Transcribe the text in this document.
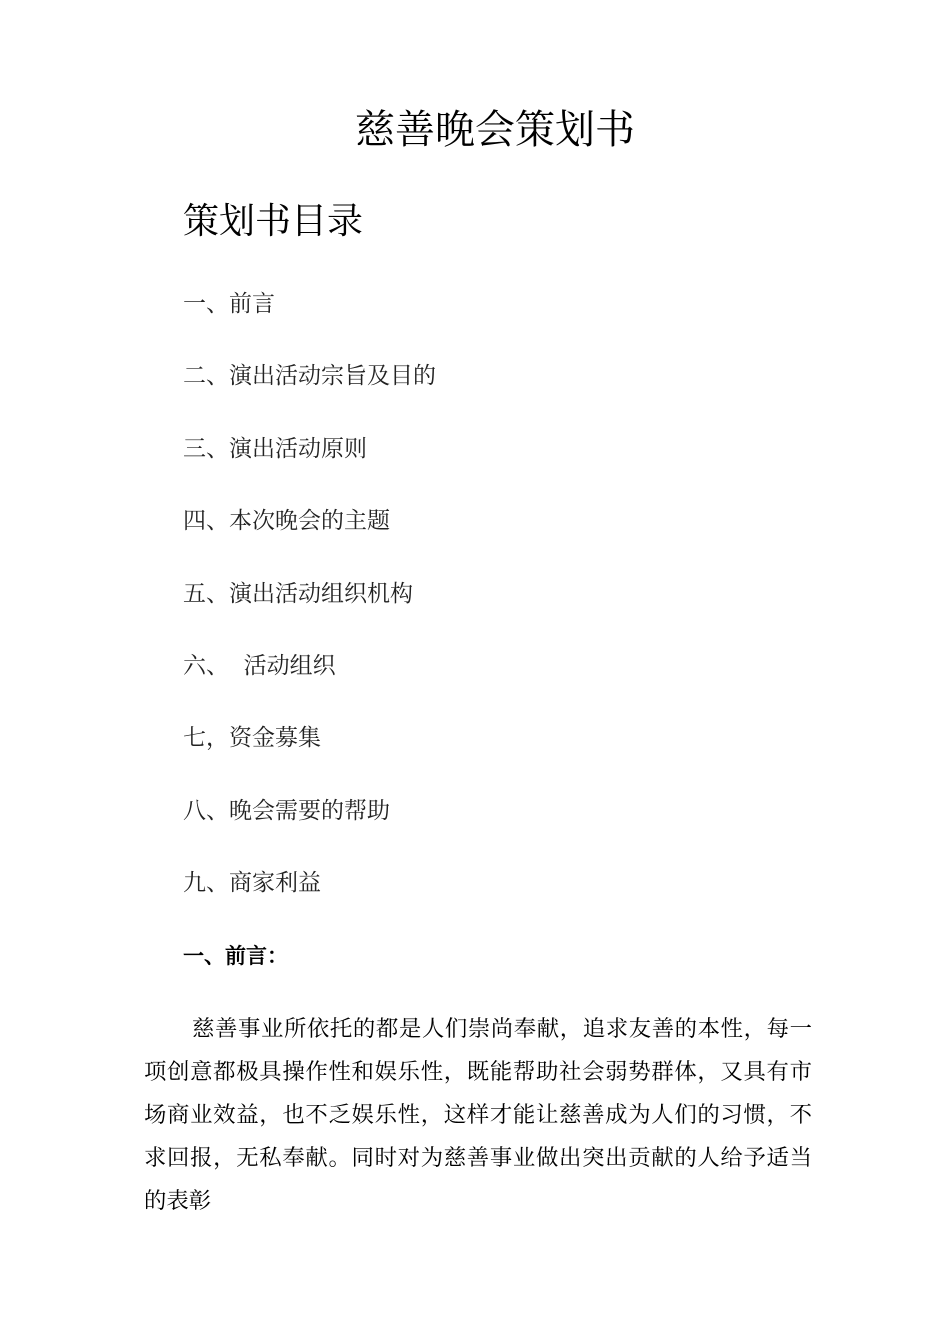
慈善晚会策划书
策划书目录
一、前言
二、演出活动宗旨及目的
三、演出活动原则
四、本次晚会的主题
五、演出活动组织机构
六、  活动组织
七，资金募集
八、晚会需要的帮助
九、商家利益
一、前言：

慈善事业所依托的都是人们崇尚奉献，追求友善的本性，每一项创意都极具操作性和娱乐性，既能帮助社会弱势群体，又具有市场商业效益，也不乏娱乐性，这样才能让慈善成为人们的习惯，不求回报，无私奉献。同时对为慈善事业做出突出贡献的人给予适当的表彰
